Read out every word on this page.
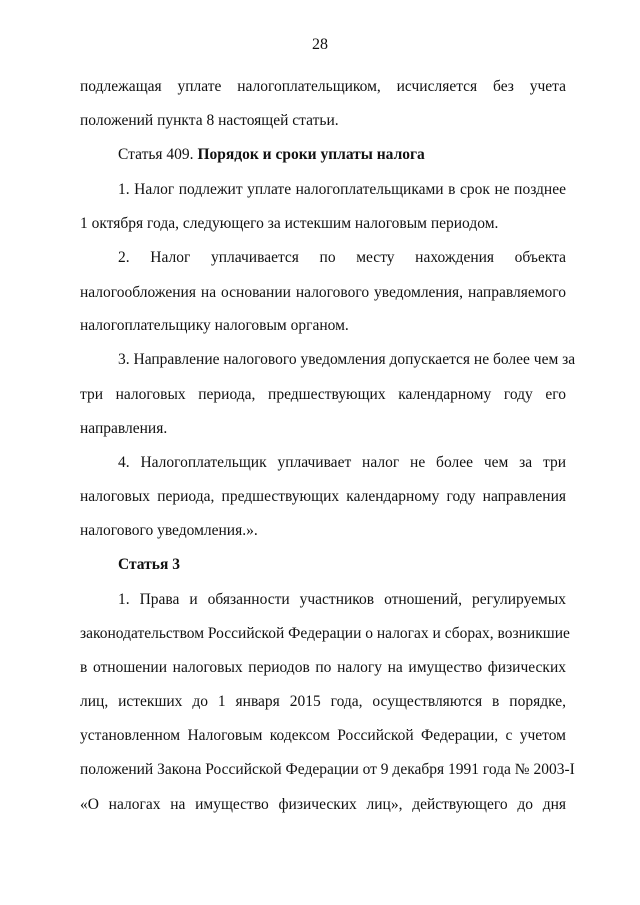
28
подлежащая уплате налогоплательщиком, исчисляется без учета
положений пункта 8 настоящей статьи.
Статья 409. Порядок и сроки уплаты налога
1. Налог подлежит уплате налогоплательщиками в срок не позднее
1 октября года, следующего за истекшим налоговым периодом.
2. Налог уплачивается по месту нахождения объекта
налогообложения на основании налогового уведомления, направляемого
налогоплательщику налоговым органом.
3. Направление налогового уведомления допускается не более чем за
три налоговых периода, предшествующих календарному году его
направления.
4. Налогоплательщик уплачивает налог не более чем за три
налоговых периода, предшествующих календарному году направления
налогового уведомления.».
Статья 3
1. Права и обязанности участников отношений, регулируемых
законодательством Российской Федерации о налогах и сборах, возникшие
в отношении налоговых периодов по налогу на имущество физических
лиц, истекших до 1 января 2015 года, осуществляются в порядке,
установленном Налоговым кодексом Российской Федерации, с учетом
положений Закона Российской Федерации от 9 декабря 1991 года № 2003-I
«О налогах на имущество физических лиц», действующего до дня
